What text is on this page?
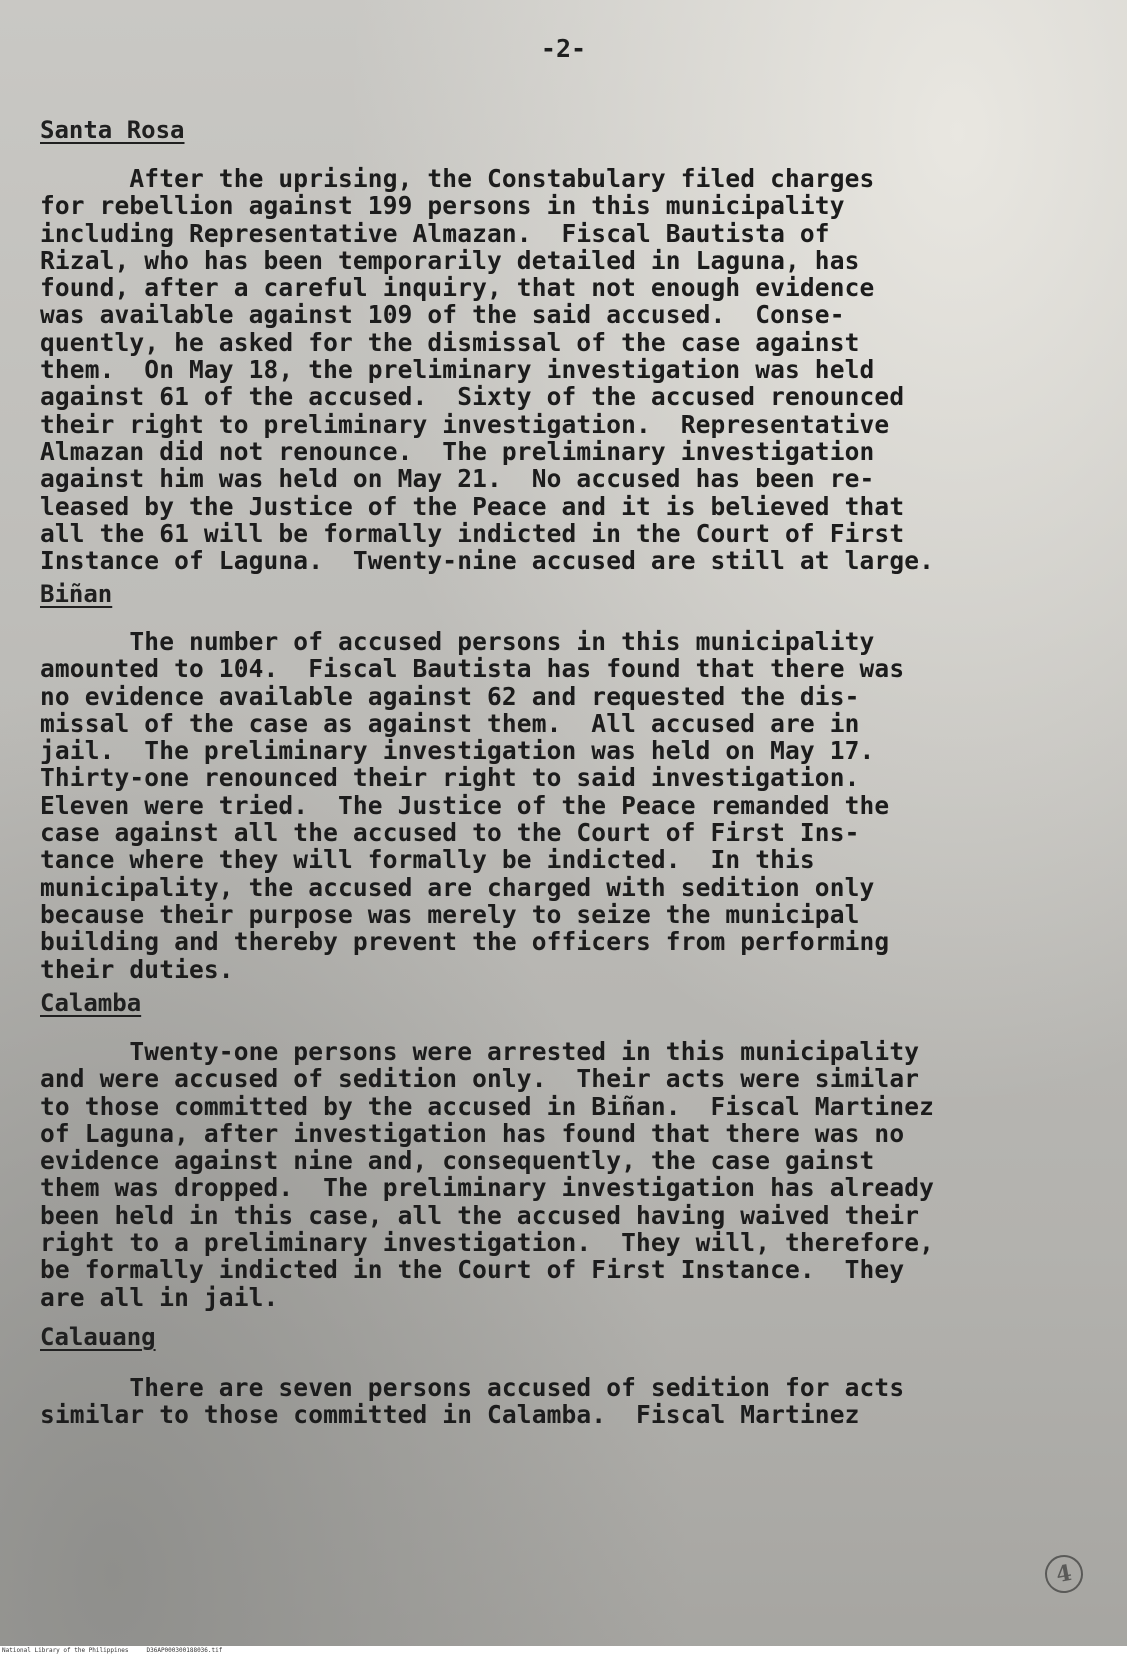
-2-
Santa Rosa
After the uprising, the Constabulary filed charges
for rebellion against 199 persons in this municipality
including Representative Almazan.  Fiscal Bautista of
Rizal, who has been temporarily detailed in Laguna, has
found, after a careful inquiry, that not enough evidence
was available against 109 of the said accused.  Conse-
quently, he asked for the dismissal of the case against
them.  On May 18, the preliminary investigation was held
against 61 of the accused.  Sixty of the accused renounced
their right to preliminary investigation.  Representative
Almazan did not renounce.  The preliminary investigation
against him was held on May 21.  No accused has been re-
leased by the Justice of the Peace and it is believed that
all the 61 will be formally indicted in the Court of First
Instance of Laguna.  Twenty-nine accused are still at large.
Biñan
The number of accused persons in this municipality
amounted to 104.  Fiscal Bautista has found that there was
no evidence available against 62 and requested the dis-
missal of the case as against them.  All accused are in
jail.  The preliminary investigation was held on May 17.
Thirty-one renounced their right to said investigation.
Eleven were tried.  The Justice of the Peace remanded the
case against all the accused to the Court of First Ins-
tance where they will formally be indicted.  In this
municipality, the accused are charged with sedition only
because their purpose was merely to seize the municipal
building and thereby prevent the officers from performing
their duties.
Calamba
Twenty-one persons were arrested in this municipality
and were accused of sedition only.  Their acts were similar
to those committed by the accused in Biñan.  Fiscal Martinez
of Laguna, after investigation has found that there was no
evidence against nine and, consequently, the case gainst
them was dropped.  The preliminary investigation has already
been held in this case, all the accused having waived their
right to a preliminary investigation.  They will, therefore,
be formally indicted in the Court of First Instance.  They
are all in jail.
Calauang
There are seven persons accused of sedition for acts
similar to those committed in Calamba.  Fiscal Martinez
4
National Library of the Philippines     D36AP000300188036.tif
